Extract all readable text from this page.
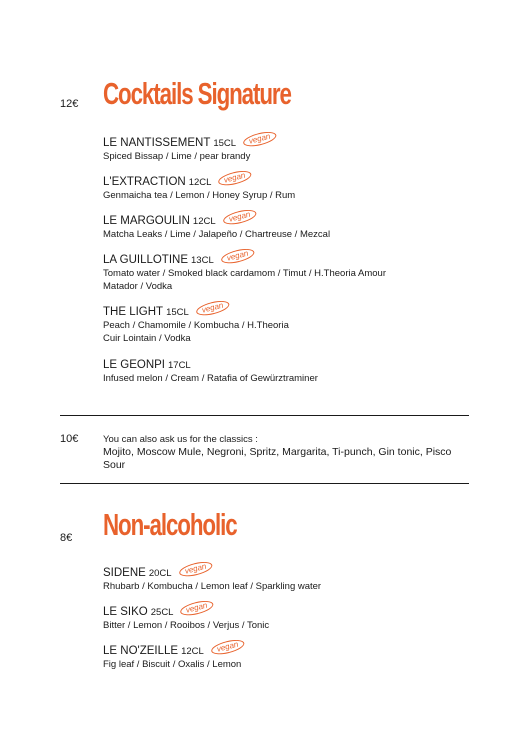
12€ Cocktails Signature
LE NANTISSEMENT 15CL	vegan
Spiced Bissap / Lime / pear brandy
L'EXTRACTION 12CL	vegan
Genmaicha tea / Lemon / Honey Syrup / Rum
LE MARGOULIN 12CL	vegan
Matcha Leaks / Lime / Jalapeño / Chartreuse / Mezcal
LA GUILLOTINE 13CL	vegan
Tomato water / Smoked black cardamom / Timut / H.Theoria Amour Matador / Vodka
THE LIGHT 15CL	vegan
Peach / Chamomile / Kombucha / H.Theoria Cuir Lointain / Vodka
LE GEONPI 17CL
Infused melon / Cream / Ratafia of Gewürztraminer
10€	You can also ask us for the classics :
Mojito, Moscow Mule, Negroni, Spritz, Margarita, Ti-punch, Gin tonic, Pisco Sour
8€ Non-alcoholic
SIDENE 20CL	vegan
Rhubarb / Kombucha / Lemon leaf / Sparkling water
LE SIKO 25CL	vegan
Bitter / Lemon / Rooibos / Verjus / Tonic
LE NO'ZEILLE 12CL	vegan
Fig leaf / Biscuit / Oxalis / Lemon
